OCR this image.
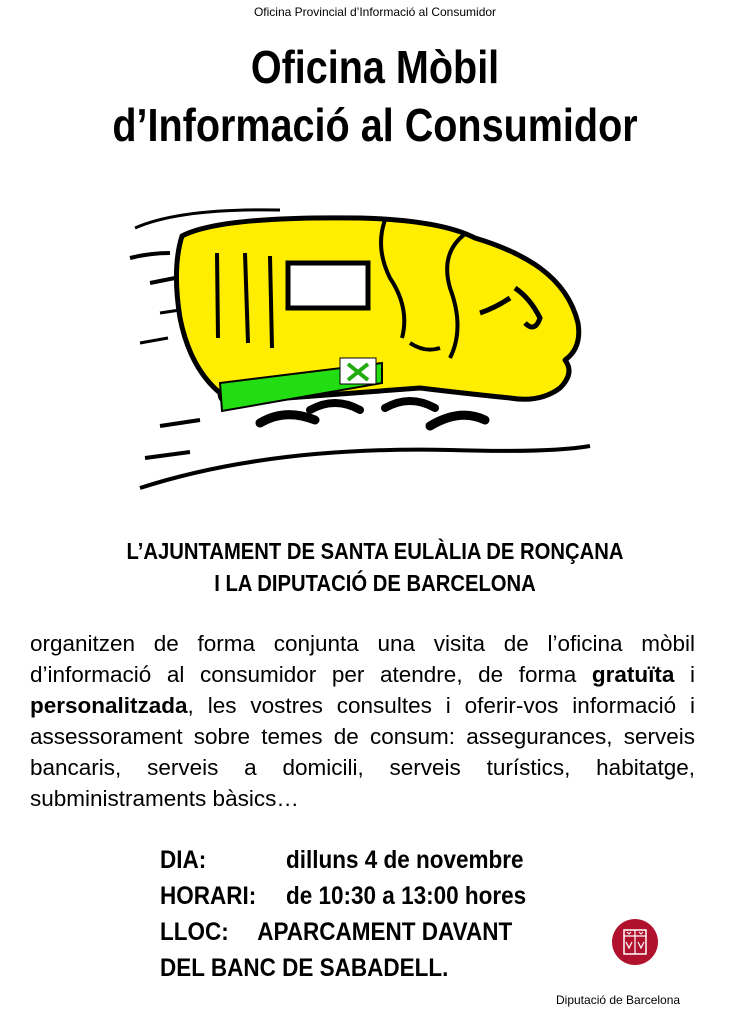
Oficina Provincial d’Informació al Consumidor
Oficina Mòbil
d’Informació al Consumidor
L’AJUNTAMENT DE SANTA EULÀLIA DE RONÇANA
I LA DIPUTACIÓ DE BARCELONA
organitzen de forma conjunta una visita de l’oficina mòbil d’informació al consumidor per atendre, de forma gratuïta i personalitzada, les vostres consultes i oferir-vos informació i assessorament sobre temes de consum: assegurances, serveis bancaris, serveis a domicili, serveis turístics, habitatge, subministraments bàsics…
DIA:	dilluns 4 de novembre
HORARI: de 10:30 a 13:00 hores
LLOC: APARCAMENT DAVANT
DEL BANC DE SABADELL.
Diputació de Barcelona
